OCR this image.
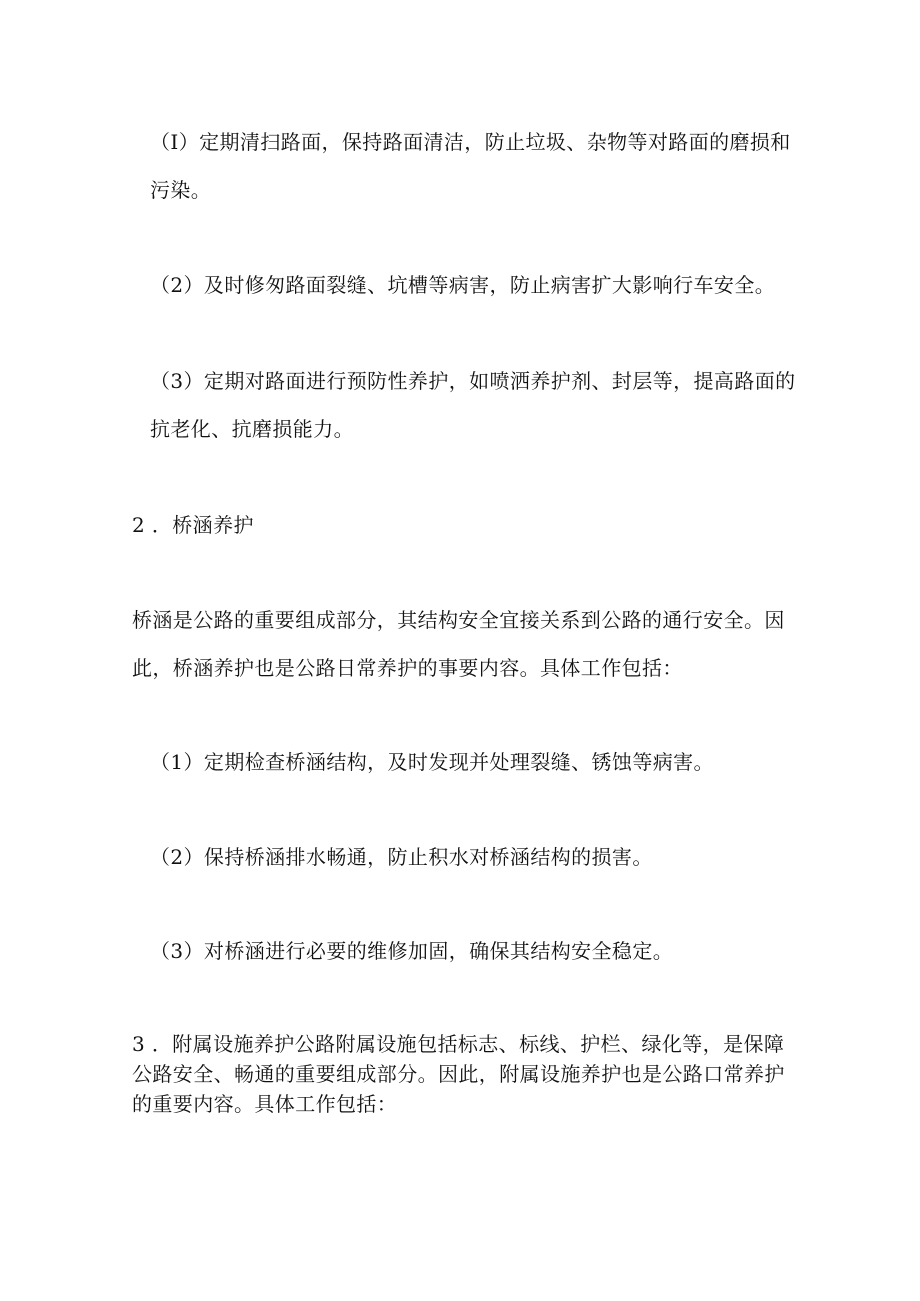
（I）定期清扫路面，保持路面清洁，防止垃圾、杂物等对路面的磨损和
污染。
（2）及时修匆路面裂缝、坑槽等病害，防止病害扩大影响行车安全。
（3）定期对路面进行预防性养护，如喷洒养护剂、封层等，提高路面的
抗老化、抗磨损能力。
2 ．桥涵养护
桥涵是公路的重要组成部分，其结构安全宜接关系到公路的通行安全。因
此，桥涵养护也是公路日常养护的事要内容。具体工作包括：
（1）定期检查桥涵结构，及时发现并处理裂缝、锈蚀等病害。
（2）保持桥涵排水畅通，防止积水对桥涵结构的损害。
（3）对桥涵进行必要的维修加固，确保其结构安全稳定。
3 ．附属设施养护公路附属设施包括标志、标线、护栏、绿化等，是保障
公路安全、畅通的重要组成部分。因此，附属设施养护也是公路口常养护
的重要内容。具体工作包括：
